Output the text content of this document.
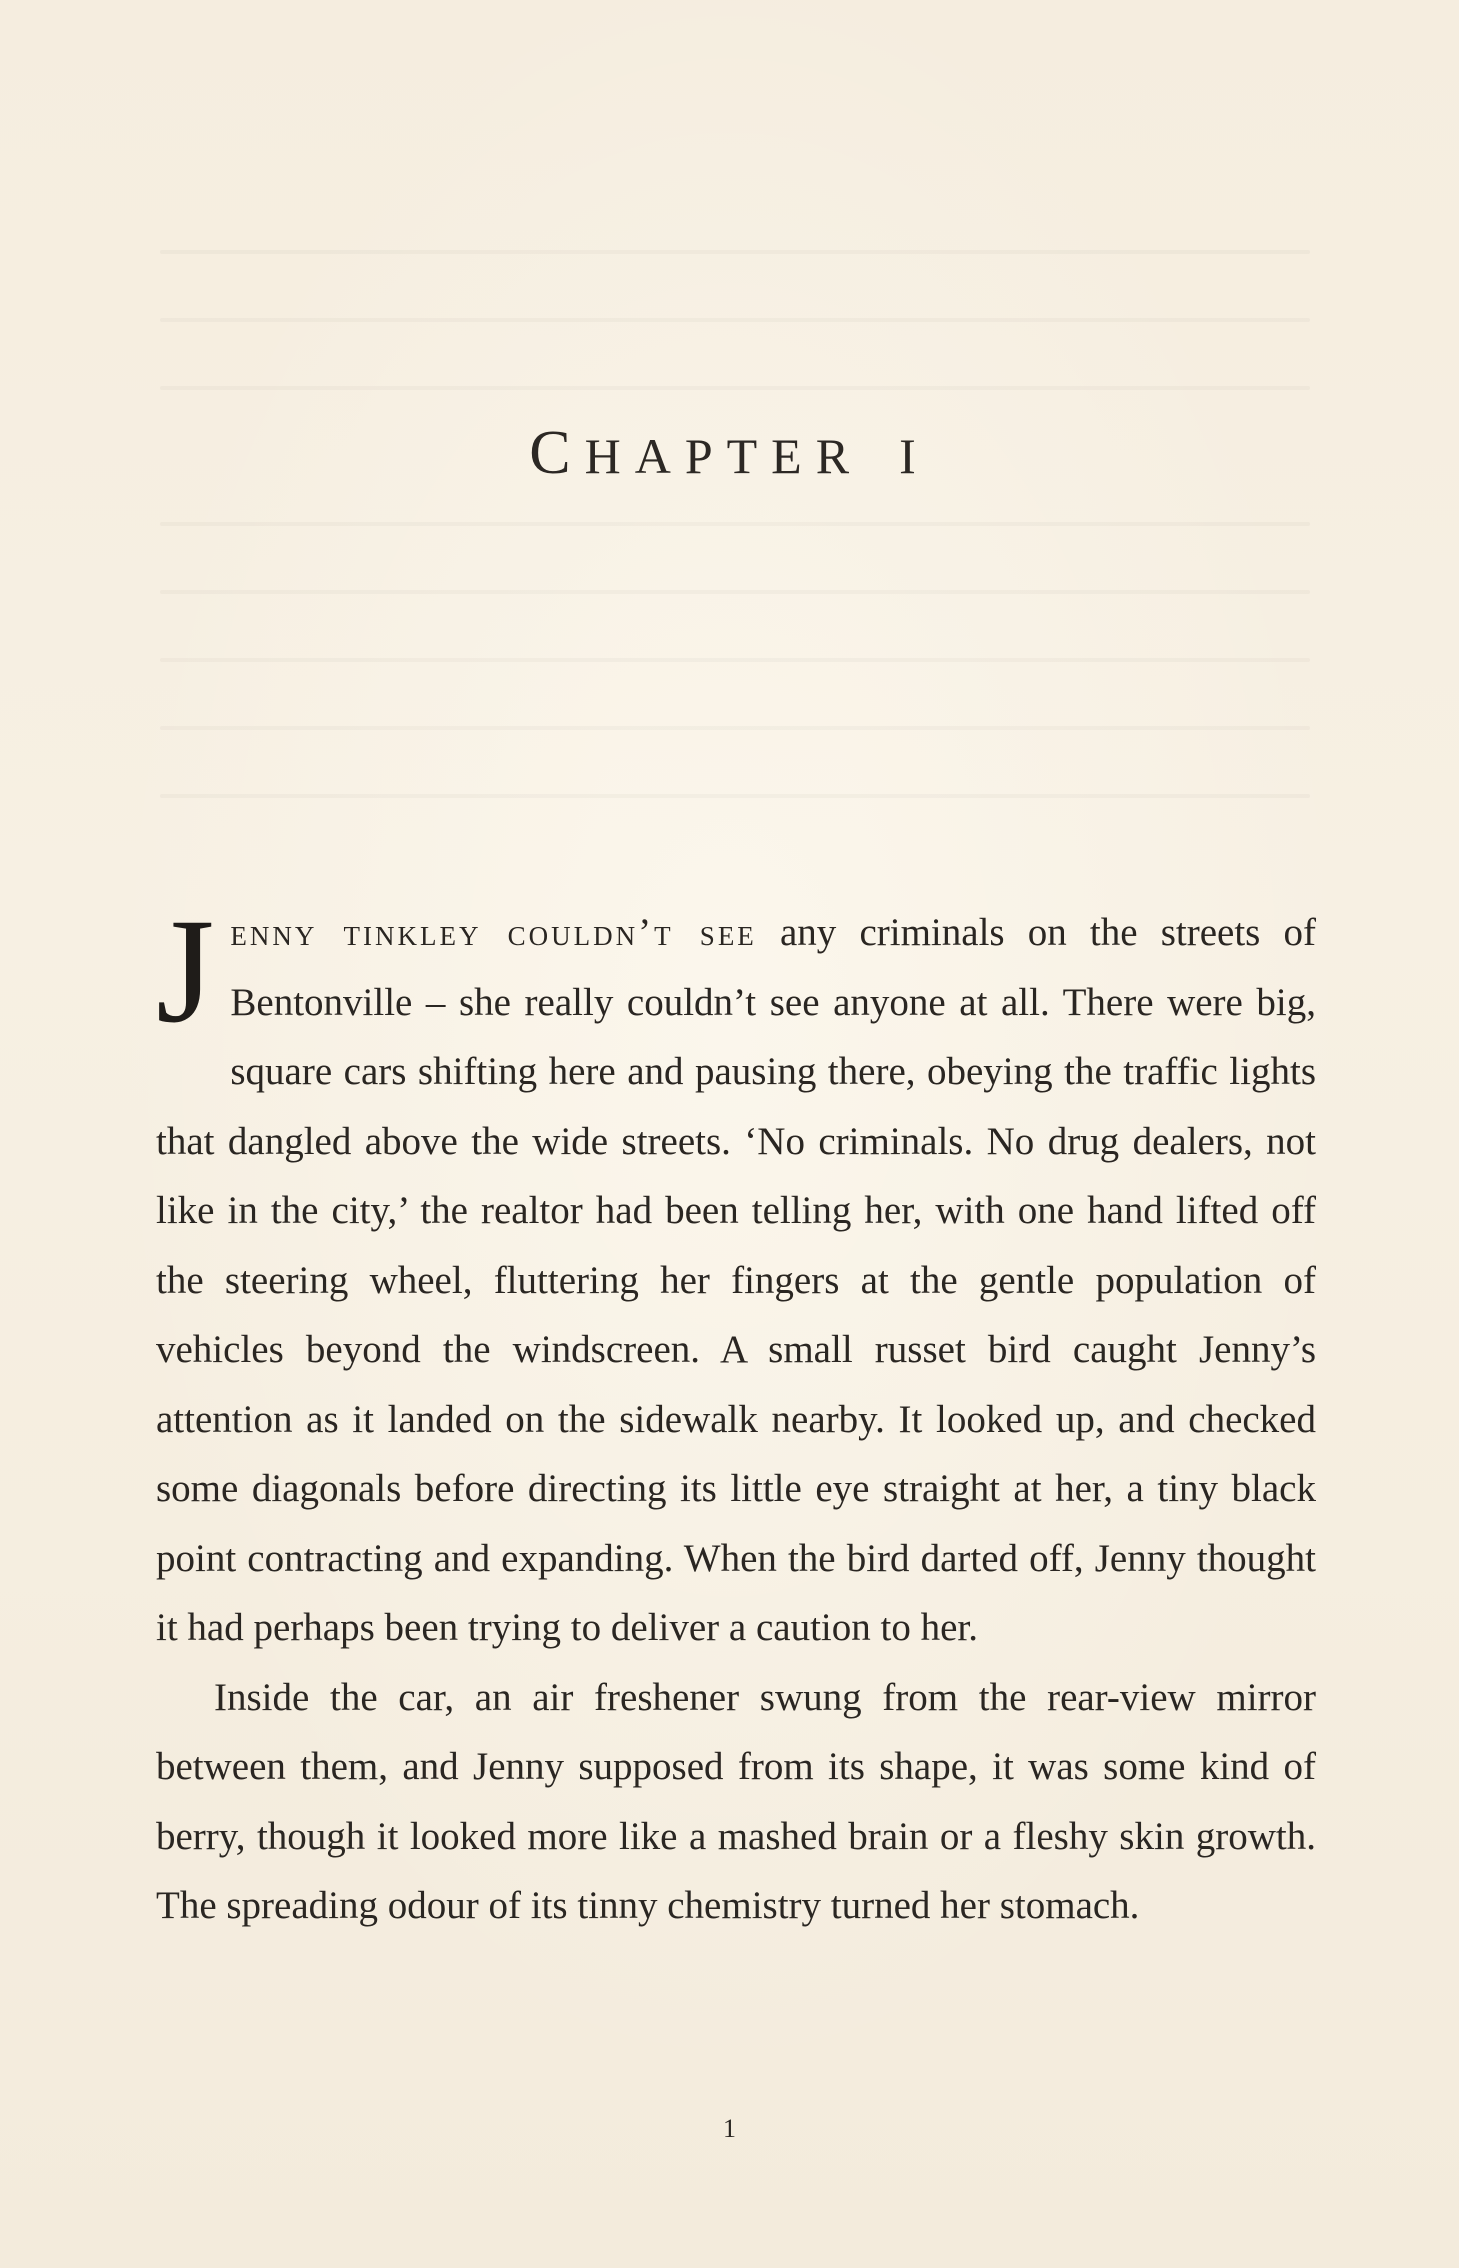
CHAPTER I

Jenny tinkley couldn’t see any criminals on the streets of Bentonville – she really couldn’t see anyone at all. There were big, square cars shifting here and pausing there, obeying the traffic lights that dangled above the wide streets. ‘No criminals. No drug dealers, not like in the city,’ the realtor had been telling her, with one hand lifted off the steering wheel, fluttering her fingers at the gentle population of vehicles beyond the windscreen. A small russet bird caught Jenny’s attention as it landed on the sidewalk nearby. It looked up, and checked some diagonals before directing its little eye straight at her, a tiny black point contracting and expanding. When the bird darted off, Jenny thought it had perhaps been trying to deliver a caution to her.

Inside the car, an air freshener swung from the rear-view mirror between them, and Jenny supposed from its shape, it was some kind of berry, though it looked more like a mashed brain or a fleshy skin growth. The spreading odour of its tinny chemistry turned her stomach.

1
